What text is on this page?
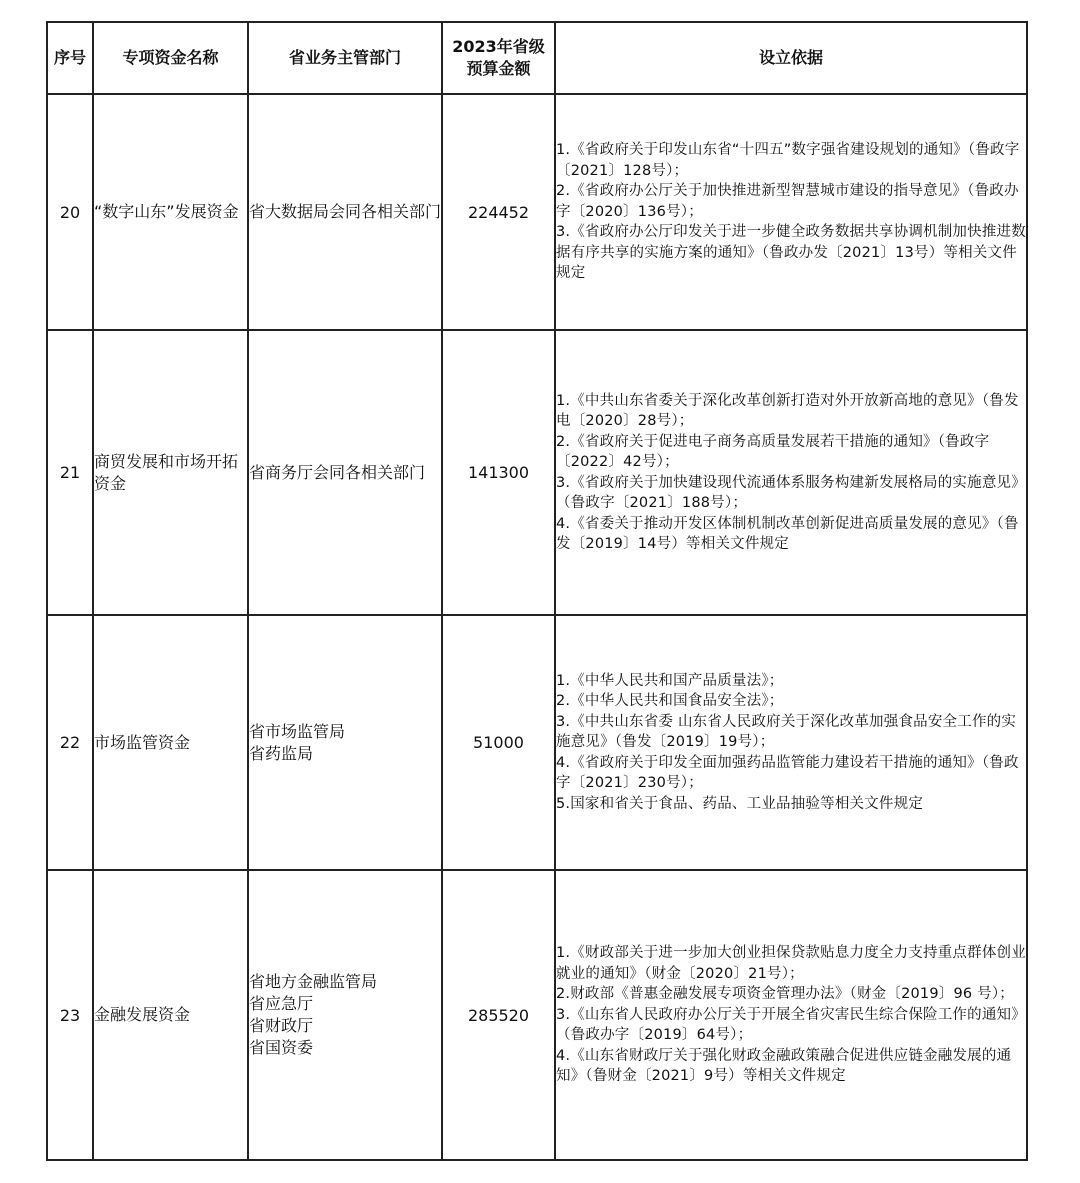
序号	专项资金名称	省业务主管部门	2023年省级
预算金额	设立依据
20	“数字山东”发展资金	省大数据局会同各相关部门	224452	1.《省政府关于印发山东省“十四五”数字强省建设规划的通知》（鲁政字〔2021〕128号）；
2.《省政府办公厅关于加快推进新型智慧城市建设的指导意见》（鲁政办字〔2020〕136号）；
3.《省政府办公厅印发关于进一步健全政务数据共享协调机制加快推进数据有序共享的实施方案的通知》（鲁政办发〔2021〕13号）等相关文件规定

21	商贸发展和市场开拓资金	省商务厅会同各相关部门	141300	1.《中共山东省委关于深化改革创新打造对外开放新高地的意见》（鲁发电〔2020〕28号）；
2.《省政府关于促进电子商务高质量发展若干措施的通知》（鲁政字〔2022〕42号）；
3.《省政府关于加快建设现代流通体系服务构建新发展格局的实施意见》（鲁政字〔2021〕188号）；
4.《省委关于推动开发区体制机制改革创新促进高质量发展的意见》（鲁发〔2019〕14号）等相关文件规定

22	市场监管资金	省市场监管局
省药监局	51000	1.《中华人民共和国产品质量法》；
2.《中华人民共和国食品安全法》；
3.《中共山东省委 山东省人民政府关于深化改革加强食品安全工作的实施意见》（鲁发〔2019〕19号）；
4.《省政府关于印发全面加强药品监管能力建设若干措施的通知》（鲁政字〔2021〕230号）；
5.国家和省关于食品、药品、工业品抽验等相关文件规定

23	金融发展资金	省地方金融监管局
省应急厅
省财政厅
省国资委	285520	1.《财政部关于进一步加大创业担保贷款贴息力度全力支持重点群体创业就业的通知》（财金〔2020〕21号）；
2.财政部《普惠金融发展专项资金管理办法》（财金〔2019〕96 号）；
3.《山东省人民政府办公厅关于开展全省灾害民生综合保险工作的通知》（鲁政办字〔2019〕64号）；
4.《山东省财政厅关于强化财政金融政策融合促进供应链金融发展的通知》（鲁财金〔2021〕9号）等相关文件规定
